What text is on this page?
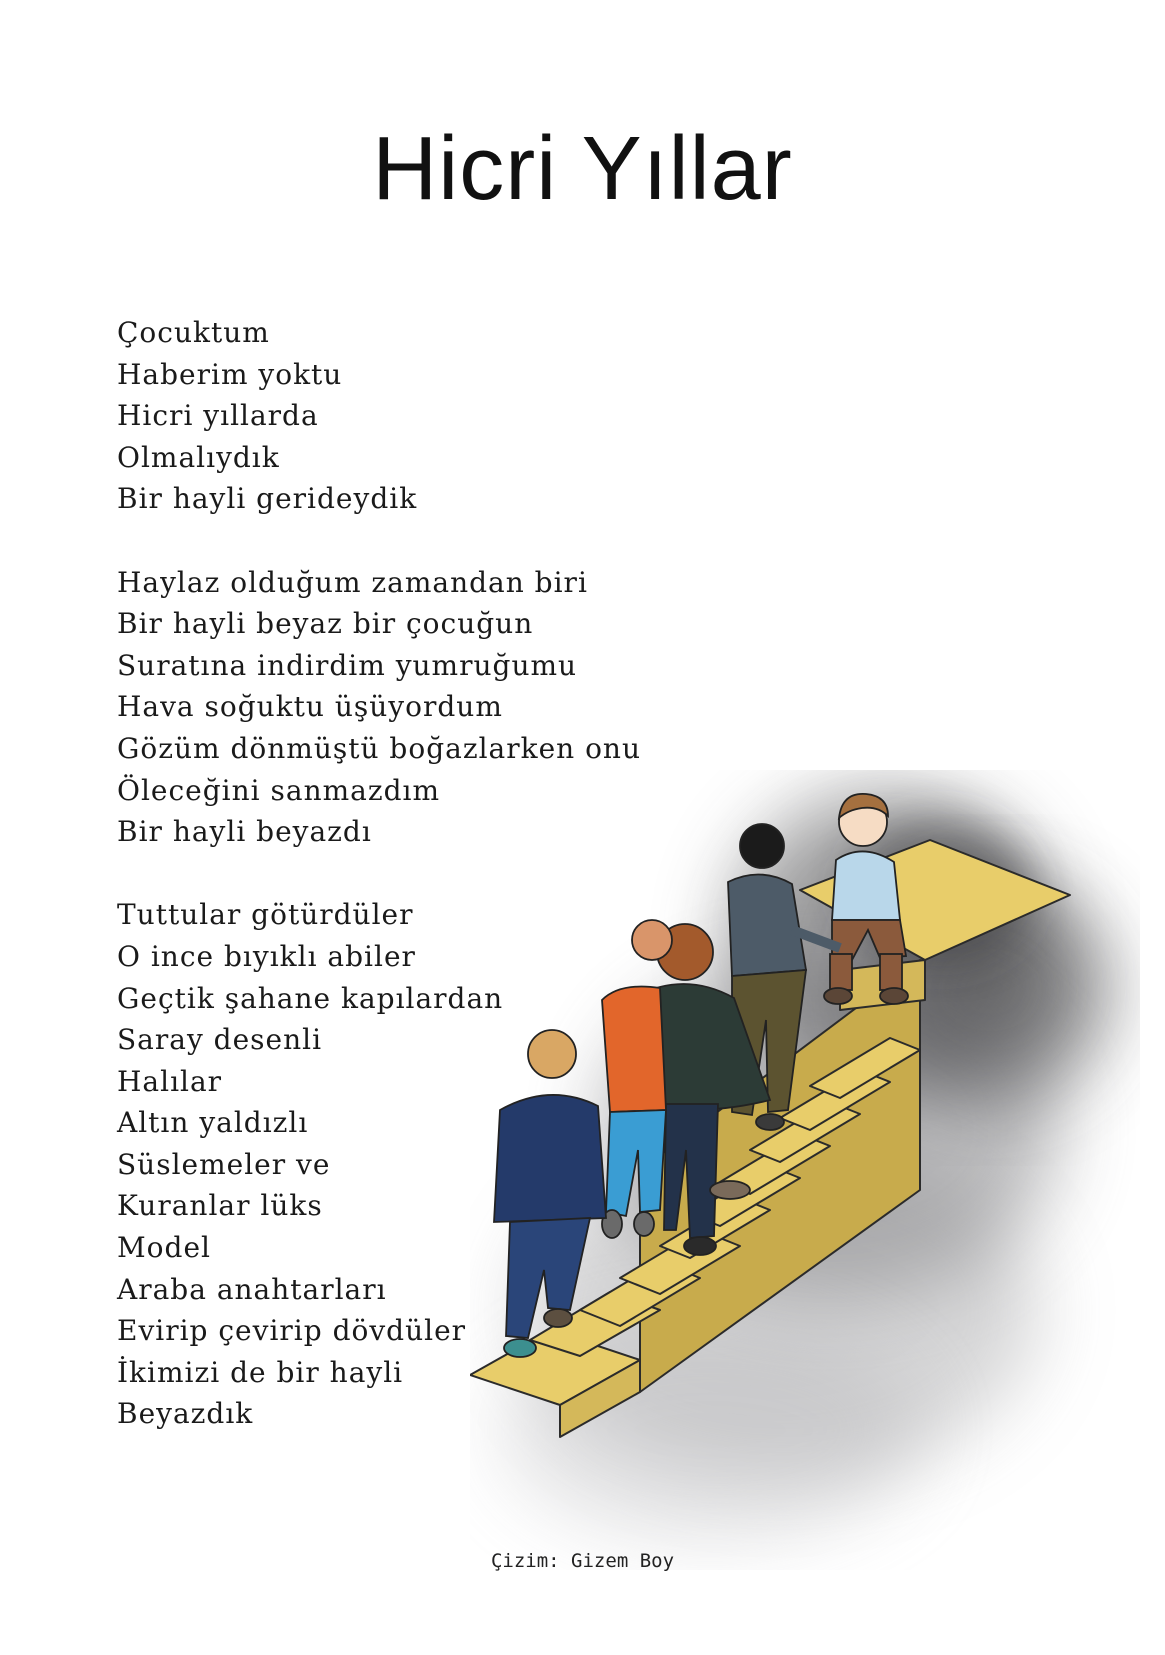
Hicri Yıllar
Çocuktum
Haberim yoktu
Hicri yıllarda
Olmalıydık
Bir hayli gerideydik
Haylaz olduğum zamandan biri
Bir hayli beyaz bir çocuğun
Suratına indirdim yumruğumu
Hava soğuktu üşüyordum
Gözüm dönmüştü boğazlarken onu
Öleceğini sanmazdım
Bir hayli beyazdı
Tuttular götürdüler
O ince bıyıklı abiler
Geçtik şahane kapılardan
Saray desenli
Halılar
Altın yaldızlı
Süslemeler ve
Kuranlar lüks
Model
Araba anahtarları
Evirip çevirip dövdüler
İkimizi de bir hayli
Beyazdık
Çizim: Gizem Boy
